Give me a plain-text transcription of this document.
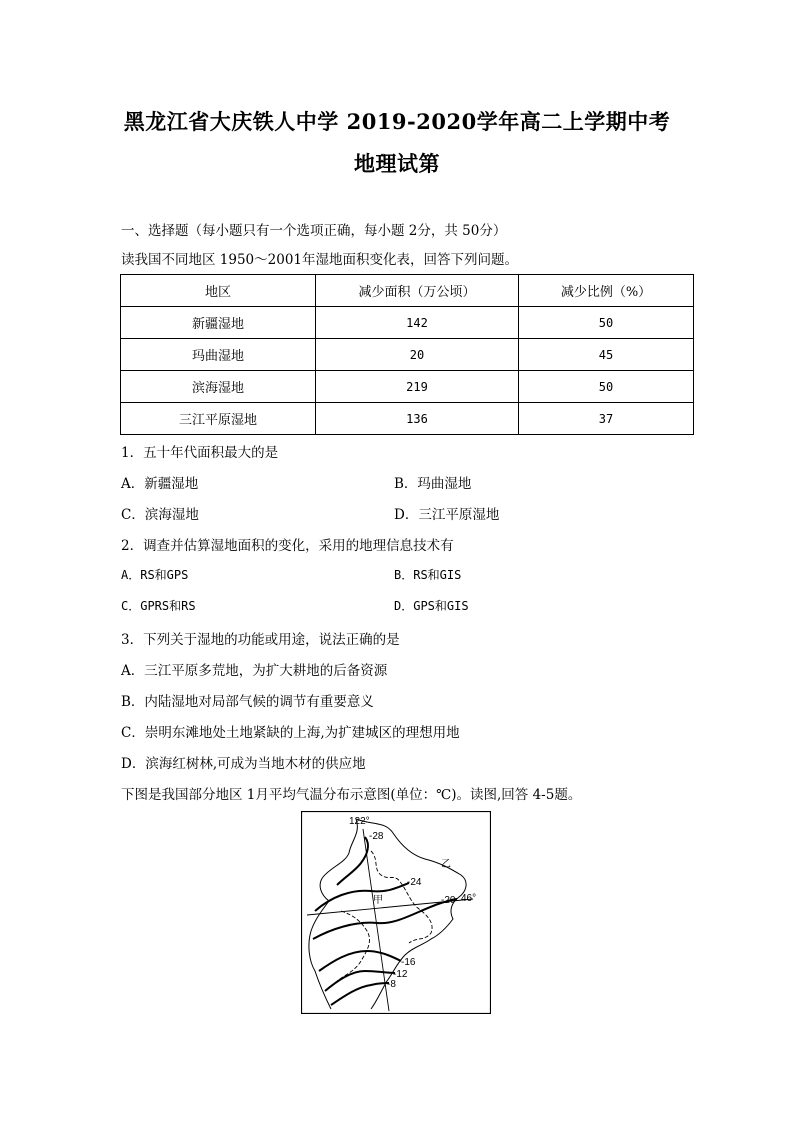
黑龙江省大庆铁人中学 2019-2020学年高二上学期中考
地理试第
一、选择题（每小题只有一个选项正确，每小题 2分，共 50分）
读我国不同地区 1950～2001年湿地面积变化表，回答下列问题。
地区	减少面积（万公顷）	减少比例（%）
新疆湿地	142	50
玛曲湿地	20	45
滨海湿地	219	50
三江平原湿地	136	37
1．五十年代面积最大的是
A．新疆湿地	B．玛曲湿地
C．滨海湿地	D．三江平原湿地
2．调查并估算湿地面积的变化，采用的地理信息技术有
A．RS和GPS	B．RS和GIS
C．GPRS和RS	D．GPS和GIS
3．下列关于湿地的功能或用途，说法正确的是
A．三江平原多荒地，为扩大耕地的后备资源
B．内陆湿地对局部气候的调节有重要意义
C．崇明东滩地处土地紧缺的上海,为扩建城区的理想用地
D．滨海红树林,可成为当地木材的供应地
下图是我国部分地区 1月平均气温分布示意图(单位：℃)。读图,回答 4-5题。
122°
46°
甲
乙
-28
-24
-20
-16
-12
-8
